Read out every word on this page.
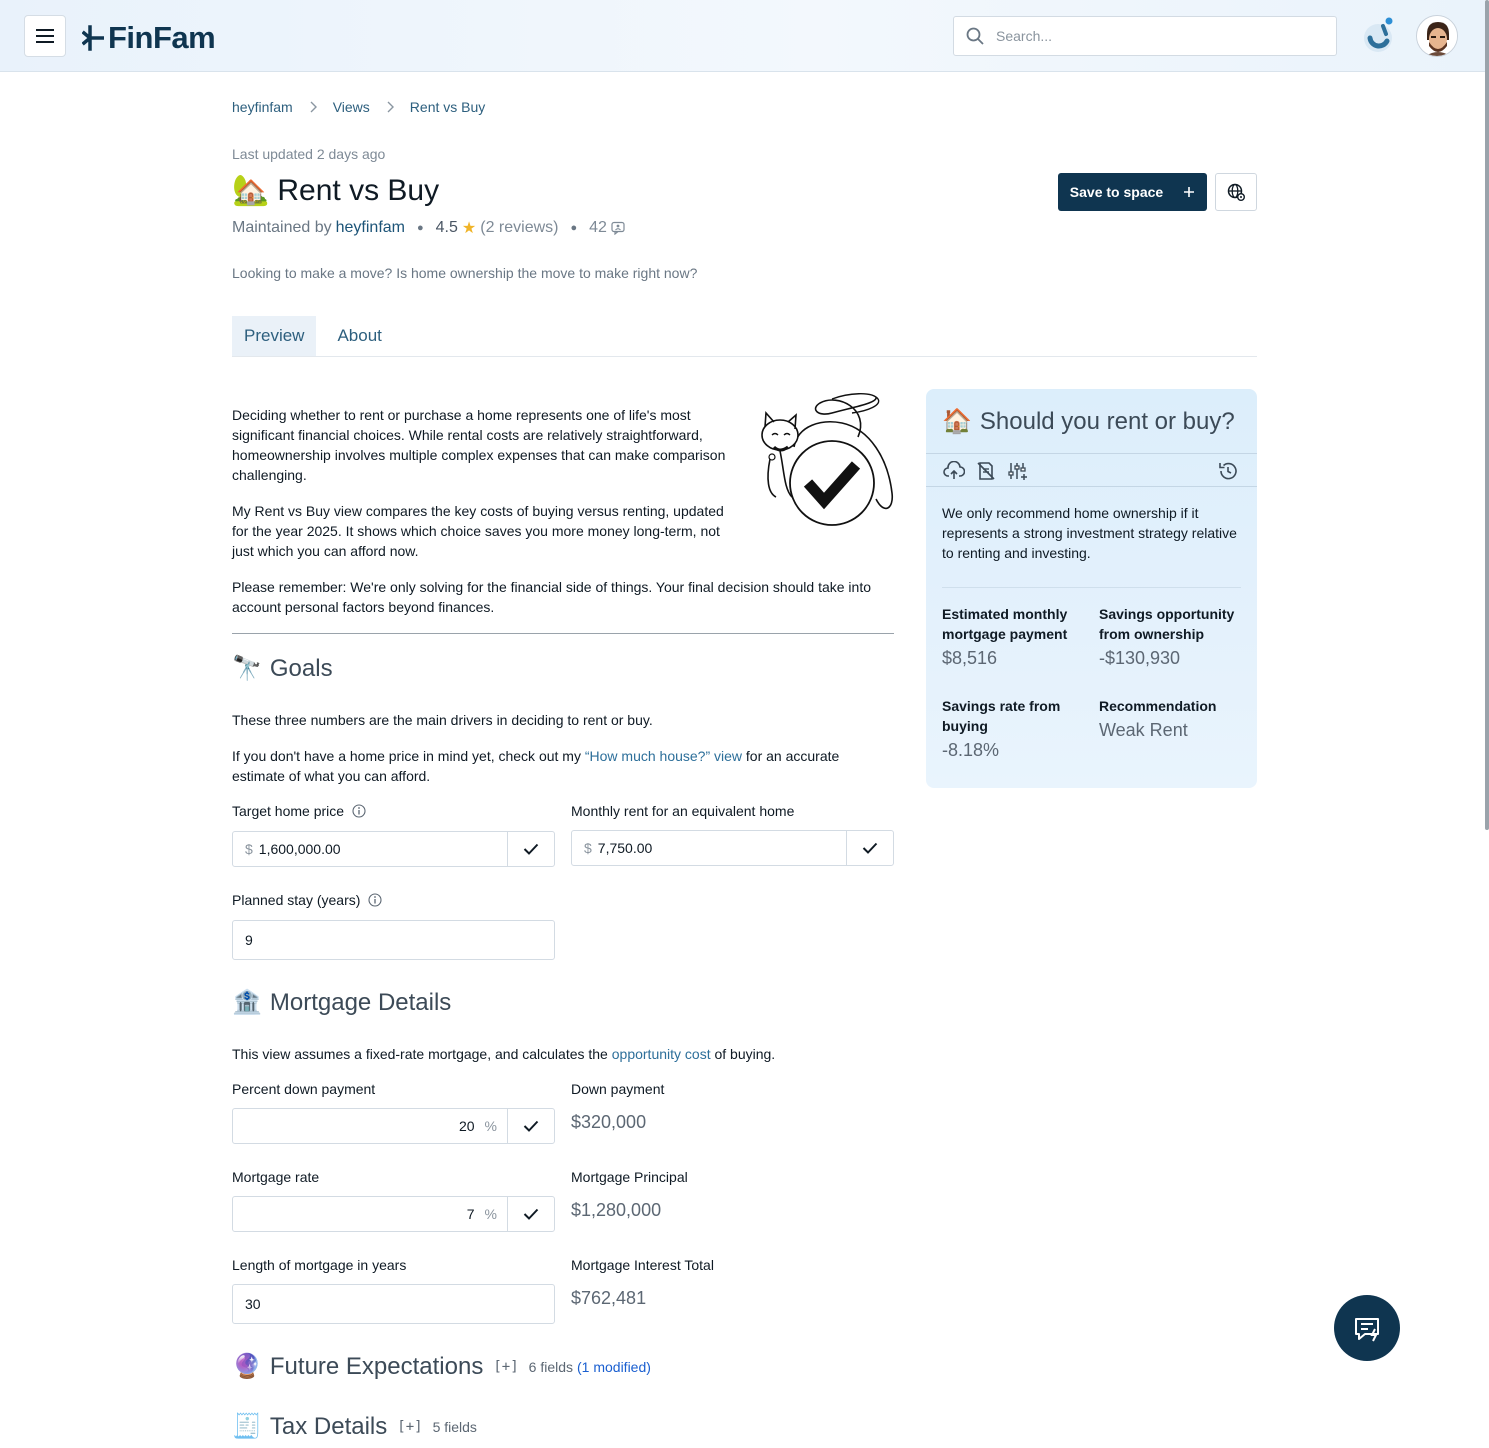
FinFam
Search...
heyfinfam	Views	Rent vs Buy
Last updated 2 days ago
🏡 Rent vs Buy
Maintained by heyfinfam ● 4.5 ★ (2 reviews) ● 42
Save to space
Looking to make a move? Is home ownership the move to make right now?
Preview	About
Deciding whether to rent or purchase a home represents one of life's most significant financial choices. While rental costs are relatively straightforward, homeownership involves multiple complex expenses that can make comparison challenging.
My Rent vs Buy view compares the key costs of buying versus renting, updated for the year 2025. It shows which choice saves you more money long-term, not just which you can afford now.
Please remember: We're only solving for the financial side of things. Your final decision should take into account personal factors beyond finances.
🔭 Goals
These three numbers are the main drivers in deciding to rent or buy.
If you don't have a home price in mind yet, check out my “How much house?” view for an accurate
estimate of what you can afford.
Target home price
$ 1,600,000.00
Monthly rent for an equivalent home
$ 7,750.00
Planned stay (years)
9
🏦 Mortgage Details
This view assumes a fixed-rate mortgage, and calculates the opportunity cost of buying.
Percent down payment
20 %
Down payment
$320,000
Mortgage rate
7 %
Mortgage Principal
$1,280,000
Length of mortgage in years
30
Mortgage Interest Total
$762,481
🔮 Future Expectations [+] 6 fields (1 modified)
🧾 Tax Details [+] 5 fields
🏠 Should you rent or buy?
We only recommend home ownership if it represents a strong investment strategy relative to renting and investing.
Estimated monthly mortgage payment
$8,516
Savings opportunity from ownership
-$130,930
Savings rate from buying
-8.18%
Recommendation
Weak Rent
